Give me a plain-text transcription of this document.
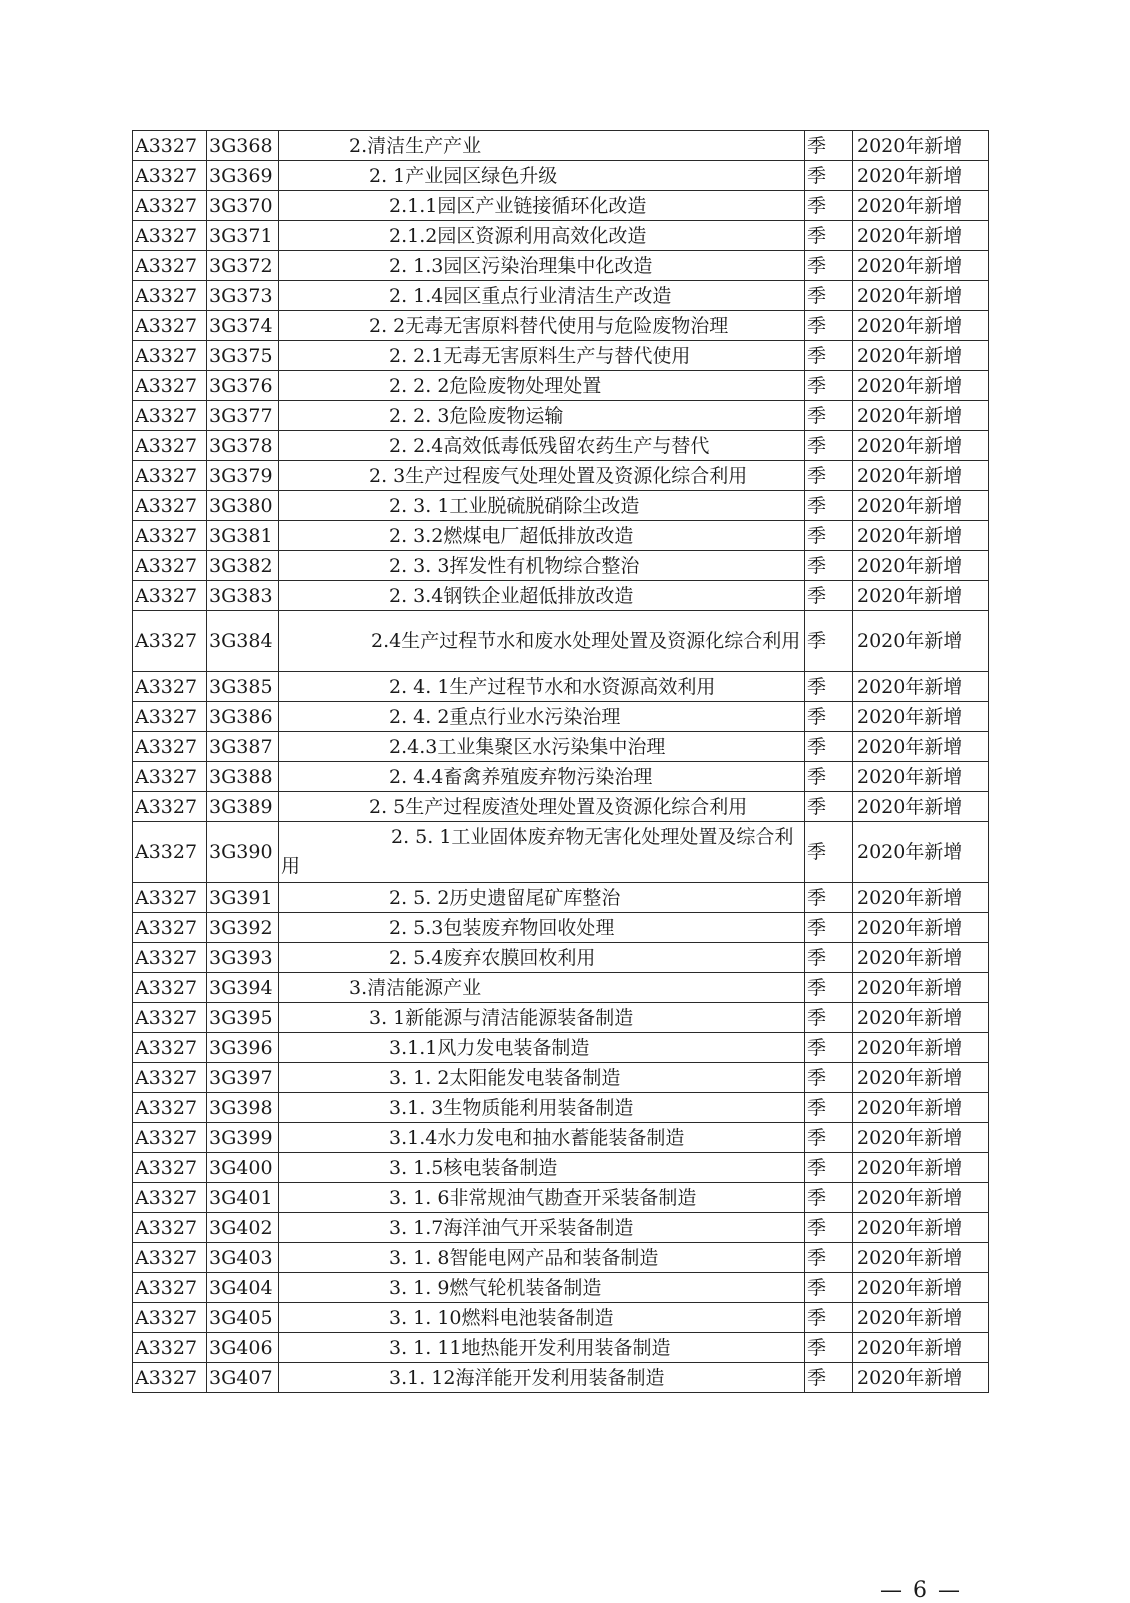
A3327	3G368	2.清洁生产产业	季	2020年新增
A3327	3G369	2. 1产业园区绿色升级	季	2020年新增
A3327	3G370	2.1.1园区产业链接循环化改造	季	2020年新增
A3327	3G371	2.1.2园区资源利用高效化改造	季	2020年新增
A3327	3G372	2. 1.3园区污染治理集中化改造	季	2020年新增
A3327	3G373	2. 1.4园区重点行业清洁生产改造	季	2020年新增
A3327	3G374	2. 2无毒无害原料替代使用与危险废物治理	季	2020年新增
A3327	3G375	2. 2.1无毒无害原料生产与替代使用	季	2020年新增
A3327	3G376	2. 2. 2危险废物处理处置	季	2020年新增
A3327	3G377	2. 2. 3危险废物运输	季	2020年新增
A3327	3G378	2. 2.4高效低毒低残留农药生产与替代	季	2020年新增
A3327	3G379	2. 3生产过程废气处理处置及资源化综合利用	季	2020年新增
A3327	3G380	2. 3. 1工业脱硫脱硝除尘改造	季	2020年新增
A3327	3G381	2. 3.2燃煤电厂超低排放改造	季	2020年新增
A3327	3G382	2. 3. 3挥发性有机物综合整治	季	2020年新增
A3327	3G383	2. 3.4钢铁企业超低排放改造	季	2020年新增
A3327	3G384	2.4生产过程节水和废水处理处置及资源化综合利用	季	2020年新增
A3327	3G385	2. 4. 1生产过程节水和水资源高效利用	季	2020年新增
A3327	3G386	2. 4. 2重点行业水污染治理	季	2020年新增
A3327	3G387	2.4.3工业集聚区水污染集中治理	季	2020年新增
A3327	3G388	2. 4.4畜禽养殖废弃物污染治理	季	2020年新增
A3327	3G389	2. 5生产过程废渣处理处置及资源化综合利用	季	2020年新增
A3327	3G390	2. 5. 1工业固体废弃物无害化处理处置及综合利用	季	2020年新增
A3327	3G391	2. 5. 2历史遗留尾矿库整治	季	2020年新增
A3327	3G392	2. 5.3包装废弃物回收处理	季	2020年新增
A3327	3G393	2. 5.4废弃农膜回枚利用	季	2020年新增
A3327	3G394	3.清洁能源产业	季	2020年新增
A3327	3G395	3. 1新能源与清洁能源装备制造	季	2020年新增
A3327	3G396	3.1.1风力发电装备制造	季	2020年新增
A3327	3G397	3. 1. 2太阳能发电装备制造	季	2020年新增
A3327	3G398	3.1. 3生物质能利用装备制造	季	2020年新增
A3327	3G399	3.1.4水力发电和抽水蓄能装备制造	季	2020年新增
A3327	3G400	3. 1.5核电装备制造	季	2020年新增
A3327	3G401	3. 1. 6非常规油气勘查开采装备制造	季	2020年新增
A3327	3G402	3. 1.7海洋油气开采装备制造	季	2020年新增
A3327	3G403	3. 1. 8智能电网产品和装备制造	季	2020年新增
A3327	3G404	3. 1. 9燃气轮机装备制造	季	2020年新增
A3327	3G405	3. 1. 10燃料电池装备制造	季	2020年新增
A3327	3G406	3. 1. 11地热能开发利用装备制造	季	2020年新增
A3327	3G407	3.1. 12海洋能开发利用装备制造	季	2020年新增
— 6 —
